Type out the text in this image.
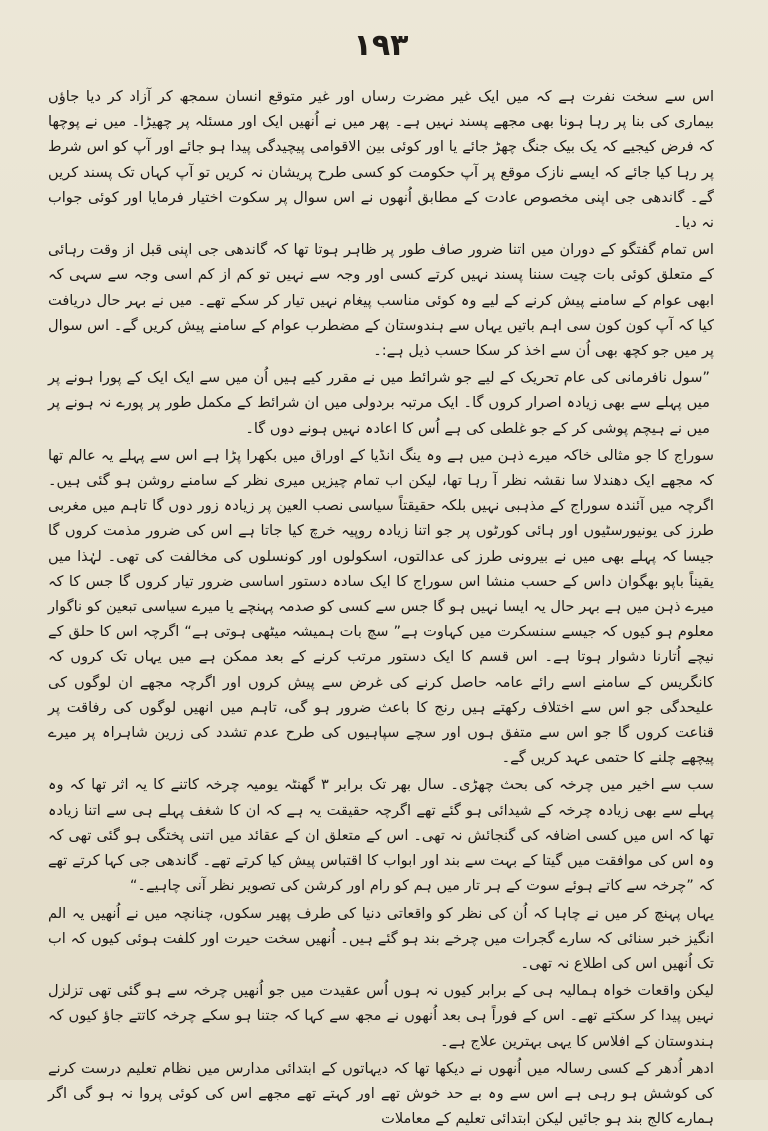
۱۹۳

اس سے سخت نفرت ہے کہ میں ایک غیر مضرت رساں اور غیر متوقع انسان سمجھ کر آزاد کر دیا جاؤں بیماری کی بنا پر رہا ہونا بھی مجھے پسند نہیں ہے۔ پھر میں نے اُنھیں ایک اور مسئلہ پر چھیڑا۔ میں نے پوچھا کہ فرض کیجیے کہ یک بیک جنگ چھڑ جائے یا اور کوئی بین الاقوامی پیچیدگی پیدا ہو جائے اور آپ کو اس شرط پر رہا کیا جائے کہ ایسے نازک موقع پر آپ حکومت کو کسی طرح پریشان نہ کریں تو آپ کہاں تک پسند کریں گے۔ گاندھی جی اپنی مخصوص عادت کے مطابق اُنھوں نے اس سوال پر سکوت اختیار فرمایا اور کوئی جواب نہ دیا۔

اس تمام گفتگو کے دوران میں اتنا ضرور صاف طور پر ظاہر ہوتا تھا کہ گاندھی جی اپنی قبل از وقت رہائی کے متعلق کوئی بات چیت سننا پسند نہیں کرتے کسی اور وجہ سے نہیں تو کم از کم اسی وجہ سے سہی کہ ابھی عوام کے سامنے پیش کرنے کے لیے وہ کوئی مناسب پیغام نہیں تیار کر سکے تھے۔ میں نے بہر حال دریافت کیا کہ آپ کون کون سی اہم باتیں یہاں سے ہندوستان کے مضطرب عوام کے سامنے پیش کریں گے۔ اس سوال پر میں جو کچھ بھی اُن سے اخذ کر سکا حسب ذیل ہے:۔

”سول نافرمانی کی عام تحریک کے لیے جو شرائط میں نے مقرر کیے ہیں اُن میں سے ایک ایک کے پورا ہونے پر میں پہلے سے بھی زیادہ اصرار کروں گا۔ ایک مرتبہ بردولی میں ان شرائط کے مکمل طور پر پورے نہ ہونے پر میں نے ہیچم پوشی کر کے جو غلطی کی ہے اُس کا اعادہ نہیں ہونے دوں گا۔

سوراج کا جو مثالی خاکہ میرے ذہن میں ہے وہ ینگ انڈیا کے اوراق میں بکھرا پڑا ہے اس سے پہلے یہ عالم تھا کہ مجھے ایک دھندلا سا نقشہ نظر آ رہا تھا، لیکن اب تمام چیزیں میری نظر کے سامنے روشن ہو گئی ہیں۔ اگرچہ میں آئندہ سوراج کے مذہبی نہیں بلکہ حقیقتاً سیاسی نصب العین پر زیادہ زور دوں گا تاہم میں مغربی طرز کی یونیورسٹیوں اور ہائی کورٹوں پر جو اتنا زیادہ روپیہ خرچ کیا جاتا ہے اس کی ضرور مذمت کروں گا جیسا کہ پہلے بھی میں نے بیرونی طرز کی عدالتوں، اسکولوں اور کونسلوں کی مخالفت کی تھی۔ لہٰذا میں یقیناً باپو بھگوان داس کے حسب منشا اس سوراج کا ایک سادہ دستور اساسی ضرور تیار کروں گا جس کا کہ میرے ذہن میں ہے بہر حال یہ ایسا نہیں ہو گا جس سے کسی کو صدمہ پہنچے یا میرے سیاسی تبعین کو ناگوار معلوم ہو کیوں کہ جیسے سنسکرت میں کہاوت ہے” سچ بات ہمیشہ میٹھی ہوتی ہے“ اگرچہ اس کا حلق کے نیچے اُتارنا دشوار ہوتا ہے۔ اس قسم کا ایک دستور مرتب کرنے کے بعد ممکن ہے میں یہاں تک کروں کہ کانگریس کے سامنے اسے رائے عامہ حاصل کرنے کی غرض سے پیش کروں اور اگرچہ مجھے ان لوگوں کی علیحدگی جو اس سے اختلاف رکھتے ہیں رنج کا باعث ضرور ہو گی، تاہم میں انھیں لوگوں کی رفاقت پر قناعت کروں گا جو اس سے متفق ہوں اور سچے سپاہیوں کی طرح عدم تشدد کی زرین شاہراہ پر میرے پیچھے چلنے کا حتمی عہد کریں گے۔

سب سے اخیر میں چرخہ کی بحث چھڑی۔ سال بھر تک برابر ۳ گھنٹہ یومیہ چرخہ کاتنے کا یہ اثر تھا کہ وہ پہلے سے بھی زیادہ چرخہ کے شیدائی ہو گئے تھے اگرچہ حقیقت یہ ہے کہ ان کا شغف پہلے ہی سے اتنا زیادہ تھا کہ اس میں کسی اضافہ کی گنجائش نہ تھی۔ اس کے متعلق ان کے عقائد میں اتنی پختگی ہو گئی تھی کہ وہ اس کی موافقت میں گیتا کے بہت سے بند اور ابواب کا اقتباس پیش کیا کرتے تھے۔ گاندھی جی کہا کرتے تھے کہ ”چرخہ سے کاتے ہوئے سوت کے ہر تار میں ہم کو رام اور کرشن کی تصویر نظر آنی چاہیے۔“

یہاں پہنچ کر میں نے چاہا کہ اُن کی نظر کو واقعاتی دنیا کی طرف پھیر سکوں، چنانچہ میں نے اُنھیں یہ الم انگیز خبر سنائی کہ سارے گجرات میں چرخے بند ہو گئے ہیں۔ اُنھیں سخت حیرت اور کلفت ہوئی کیوں کہ اب تک اُنھیں اس کی اطلاع نہ تھی۔

لیکن واقعات خواہ ہمالیہ ہی کے برابر کیوں نہ ہوں اُس عقیدت میں جو اُنھیں چرخہ سے ہو گئی تھی تزلزل نہیں پیدا کر سکتے تھے۔ اس کے فوراً ہی بعد اُنھوں نے مجھ سے کہا کہ جتنا ہو سکے چرخہ کاتتے جاؤ کیوں کہ ہندوستان کے افلاس کا یہی بہترین علاج ہے۔

ادھر اُدھر کے کسی رسالہ میں اُنھوں نے دیکھا تھا کہ دیہاتوں کے ابتدائی مدارس میں نظام تعلیم درست کرنے کی کوشش ہو رہی ہے اس سے وہ بے حد خوش تھے اور کہتے تھے مجھے اس کی کوئی پروا نہ ہو گی اگر ہمارے کالج بند ہو جائیں لیکن ابتدائی تعلیم کے معاملات
